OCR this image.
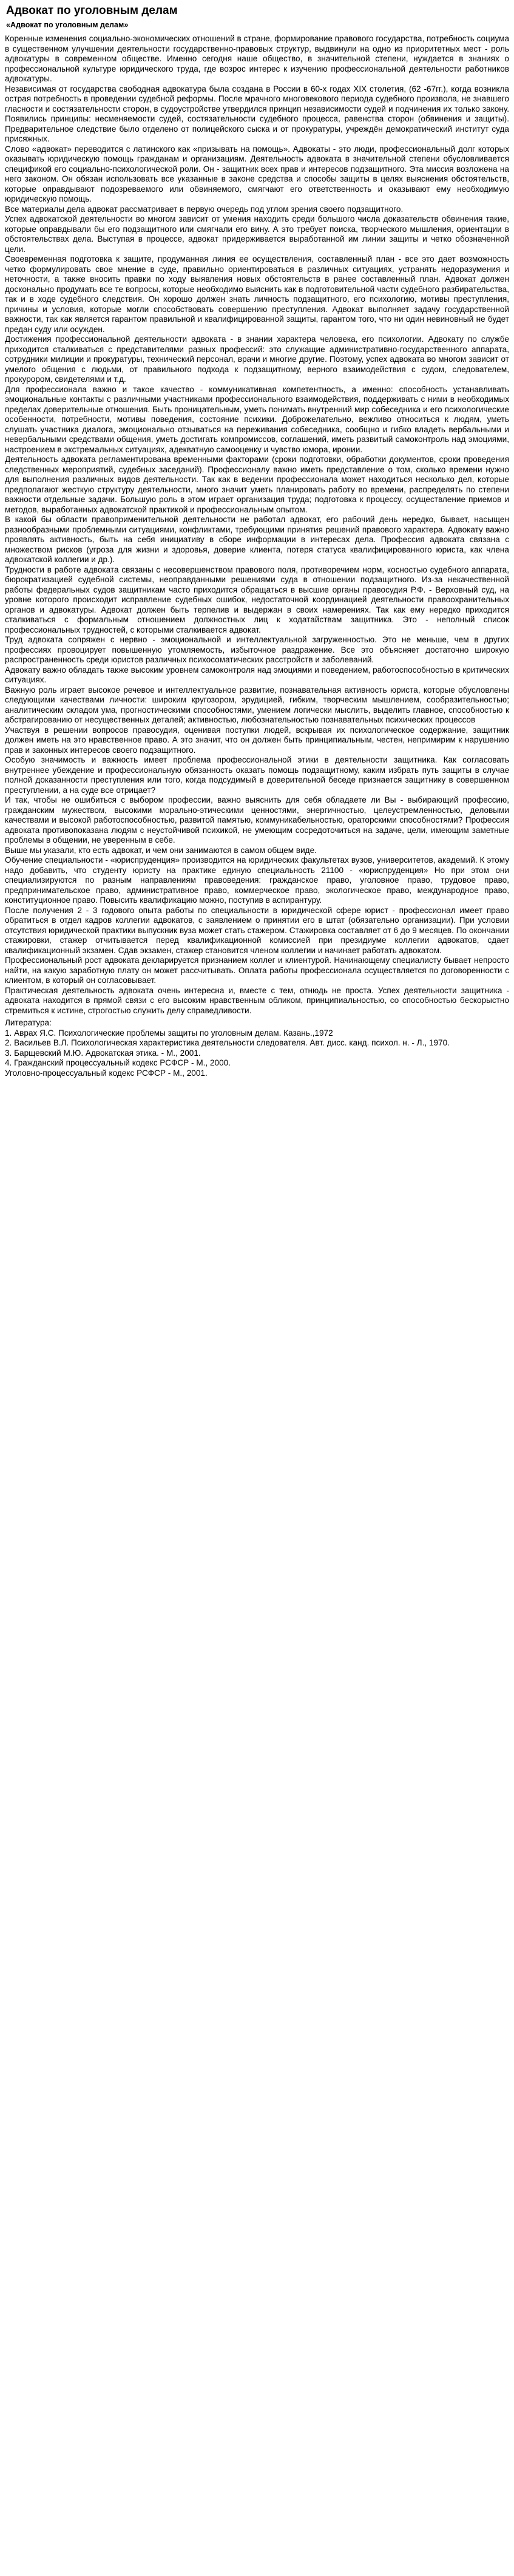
Адвокат по уголовным делам
«Адвокат по уголовным делам»

Коренные изменения социально-экономических отношений в стране, формирование правового государства, потребность социума в существенном улучшении деятельности государственно-правовых структур, выдвинули на одно из приоритетных мест - роль адвокатуры в современном обществе. Именно сегодня наше общество, в значительной степени, нуждается в знаниях о профессиональной культуре юридического труда, где возрос интерес к изучению профессиональной деятельности работников адвокатуры.

Независимая от государства свободная адвокатура была создана в России в 60-х годах XIX столетия, (62 -67гг.), когда возникла острая потребность в проведении судебной реформы. После мрачного многовекового периода судебного произвола, не знавшего гласности и состязательности сторон, в судоустройстве утвердился принцип независимости судей и подчинения их только закону. Появились принципы: несменяемости судей, состязательности судебного процесса, равенства сторон (обвинения и защиты). Предварительное следствие было отделено от полицейского сыска и от прокуратуры, учреждён демократический институт суда присяжных.

Слово «адвокат» переводится с латинского как «призывать на помощь». Адвокаты - это люди, профессиональный долг которых оказывать юридическую помощь гражданам и организациям. Деятельность адвоката в значительной степени обусловливается спецификой его социально-психологической роли. Он - защитник всех прав и интересов подзащитного. Эта миссия возложена на него законом. Он обязан использовать все указанные в законе средства и способы защиты в целях выяснения обстоятельств, которые оправдывают подозреваемого или обвиняемого, смягчают его ответственность и оказывают ему необходимую юридическую помощь.

Все материалы дела адвокат рассматривает в первую очередь под углом зрения своего подзащитного.

Успех адвокатской деятельности во многом зависит от умения находить среди большого числа доказательств обвинения такие, которые оправдывали бы его подзащитного или смягчали его вину. А это требует поиска, творческого мышления, ориентации в обстоятельствах дела. Выступая в процессе, адвокат придерживается выработанной им линии защиты и четко обозначенной цели.

Своевременная подготовка к защите, продуманная линия ее осуществления, составленный план - все это дает возможность четко формулировать свое мнение в суде, правильно ориентироваться в различных ситуациях, устранять недоразумения и неточности, а также вносить правки по ходу выявления новых обстоятельств в ранее составленный план. Адвокат должен досконально продумать все те вопросы, которые необходимо выяснить как в подготовительной части судебного разбирательства, так и в ходе судебного следствия. Он хорошо должен знать личность подзащитного, его психологию, мотивы преступления, причины и условия, которые могли способствовать совершению преступления. Адвокат выполняет задачу государственной важности, так как является гарантом правильной и квалифицированной защиты, гарантом того, что ни один невиновный не будет предан суду или осужден.

Достижения профессиональной деятельности адвоката - в знании характера человека, его психологии. Адвокату по службе приходится сталкиваться с представителями разных профессий: это служащие административно-государственного аппарата, сотрудники милиции и прокуратуры, технический персонал, врачи и многие другие. Поэтому, успех адвоката во многом зависит от умелого общения с людьми, от правильного подхода к подзащитному, верного взаимодействия с судом, следователем, прокурором, свидетелями и т.д.

Для профессионала важно и такое качество - коммуникативная компетентность, а именно: способность устанавливать эмоциональные контакты с различными участниками профессионального взаимодействия, поддерживать с ними в необходимых пределах доверительные отношения. Быть проницательным, уметь понимать внутренний мир собеседника и его психологические особенности, потребности, мотивы поведения, состояние психики. Доброжелательно, вежливо относиться к людям, уметь слушать участника диалога, эмоционально отзываться на переживания собеседника, сообщно и гибко владеть вербальными и невербальными средствами общения, уметь достигать компромиссов, соглашений, иметь развитый самоконтроль над эмоциями, настроением в экстремальных ситуациях, адекватную самооценку и чувство юмора, иронии.

Деятельность адвоката регламентирована временными факторами (сроки подготовки, обработки документов, сроки проведения следственных мероприятий, судебных заседаний). Профессионалу важно иметь представление о том, сколько времени нужно для выполнения различных видов деятельности. Так как в ведении профессионала может находиться несколько дел, которые предполагают жесткую структуру деятельности, много значит уметь планировать работу во времени, распределять по степени важности отдельные задачи. Большую роль в этом играет организация труда; подготовка к процессу, осуществление приемов и методов, выработанных адвокатской практикой и профессиональным опытом.

В какой бы области правоприменительной деятельности не работал адвокат, его рабочий день нередко, бывает, насыщен разнообразными проблемными ситуациями, конфликтами, требующими принятия решений правового характера. Адвокату важно проявлять активность, быть на себя инициативу в сборе информации в интересах дела. Профессия адвоката связана с множеством рисков (угроза для жизни и здоровья, доверие клиента, потеря статуса квалифицированного юриста, как члена адвокатской коллегии и др.).

Трудности в работе адвоката связаны с несовершенством правового поля, противоречием норм, косностью судебного аппарата, бюрократизацией судебной системы, неоправданными решениями суда в отношении подзащитного. Из-за некачественной работы федеральных судов защитникам часто приходится обращаться в высшие органы правосудия Р.Ф. - Верховный суд, на уровне которого происходит исправление судебных ошибок, недостаточной координацией деятельности правоохранительных органов и адвокатуры. Адвокат должен быть терпелив и выдержан в своих намерениях. Так как ему нередко приходится сталкиваться с формальным отношением должностных лиц к ходатайствам защитника. Это - неполный список профессиональных трудностей, с которыми сталкивается адвокат.

Труд адвоката сопряжен с нервно - эмоциональной и интеллектуальной загруженностью. Это не меньше, чем в других профессиях провоцирует повышенную утомляемость, избыточное раздражение. Все это объясняет достаточно широкую распространенность среди юристов различных психосоматических расстройств и заболеваний.

Адвокату важно обладать также высоким уровнем самоконтроля над эмоциями и поведением, работоспособностью в критических ситуациях.

Важную роль играет высокое речевое и интеллектуальное развитие, познавательная активность юриста, которые обусловлены следующими качествами личности: широким кругозором, эрудицией, гибким, творческим мышлением, сообразительностью; аналитическим складом ума, прогностическими способностями, умением логически мыслить, выделить главное, способностью к абстрагированию от несущественных деталей; активностью, любознательностью познавательных психических процессов

Участвуя в решении вопросов правосудия, оценивая поступки людей, вскрывая их психологическое содержание, защитник должен иметь на это нравственное право. А это значит, что он должен быть принципиальным, честен, непримирим к нарушению прав и законных интересов своего подзащитного.

Особую значимость и важность имеет проблема профессиональной этики в деятельности защитника. Как согласовать внутреннее убеждение и профессиональную обязанность оказать помощь подзащитному, каким избрать путь защиты в случае полной доказанности преступления или того, когда подсудимый в доверительной беседе признается защитнику в совершенном преступлении, а на суде все отрицает?

И так, чтобы не ошибиться с выбором профессии, важно выяснить для себя обладаете ли Вы - выбирающий профессию, гражданским мужеством, высокими морально-этическими ценностями, энергичностью, целеустремленностью, деловыми качествами и высокой работоспособностью, развитой памятью, коммуникабельностью, ораторскими способностями? Профессия адвоката противопоказана людям с неустойчивой психикой, не умеющим сосредоточиться на задаче, цели, имеющим заметные проблемы в общении, не уверенным в себе.

Выше мы указали, кто есть адвокат, и чем они занимаются в самом общем виде.

Обучение специальности - «юриспруденция» производится на юридических факультетах вузов, университетов, академий. К этому надо добавить, что студенту юристу на практике единую специальность 21100 - «юриспруденция» Но при этом они специализируются по разным направлениям правоведения: гражданское право, уголовное право, трудовое право, предпринимательское право, административное право, коммерческое право, экологическое право, международное право, конституционное право. Повысить квалификацию можно, поступив в аспирантуру.

После получения 2 - 3 годового опыта работы по специальности в юридической сфере юрист - профессионал имеет право обратиться в отдел кадров коллегии адвокатов, с заявлением о принятии его в штат (обязательно организации). При условии отсутствия юридической практики выпускник вуза может стать стажером. Стажировка составляет от 6 до 9 месяцев. По окончании стажировки, стажер отчитывается перед квалификационной комиссией при президиуме коллегии адвокатов, сдает квалификационный экзамен. Сдав экзамен, стажер становится членом коллегии и начинает работать адвокатом.

Профессиональный рост адвоката декларируется признанием коллег и клиентурой. Начинающему специалисту бывает непросто найти, на какую заработную плату он может рассчитывать. Оплата работы профессионала осуществляется по договоренности с клиентом, в который он согласовывает.

Практическая деятельность адвоката очень интересна и, вместе с тем, отнюдь не проста. Успех деятельности защитника - адвоката находится в прямой связи с его высоким нравственным обликом, принципиальностью, со способностью бескорыстно стремиться к истине, строгостью служить делу справедливости.

Литература:
1. Аврах Я.С. Психологические проблемы защиты по уголовным делам. Казань.,1972
2. Васильев В.Л. Психологическая характеристика деятельности следователя. Авт. дисс. канд. психол. н. - Л., 1970.
3. Барщевский М.Ю. Адвокатская этика. - М., 2001.
4. Гражданский процессуальный кодекс РСФСР - М., 2000.
Уголовно-процессуальный кодекс РСФСР - М., 2001.
